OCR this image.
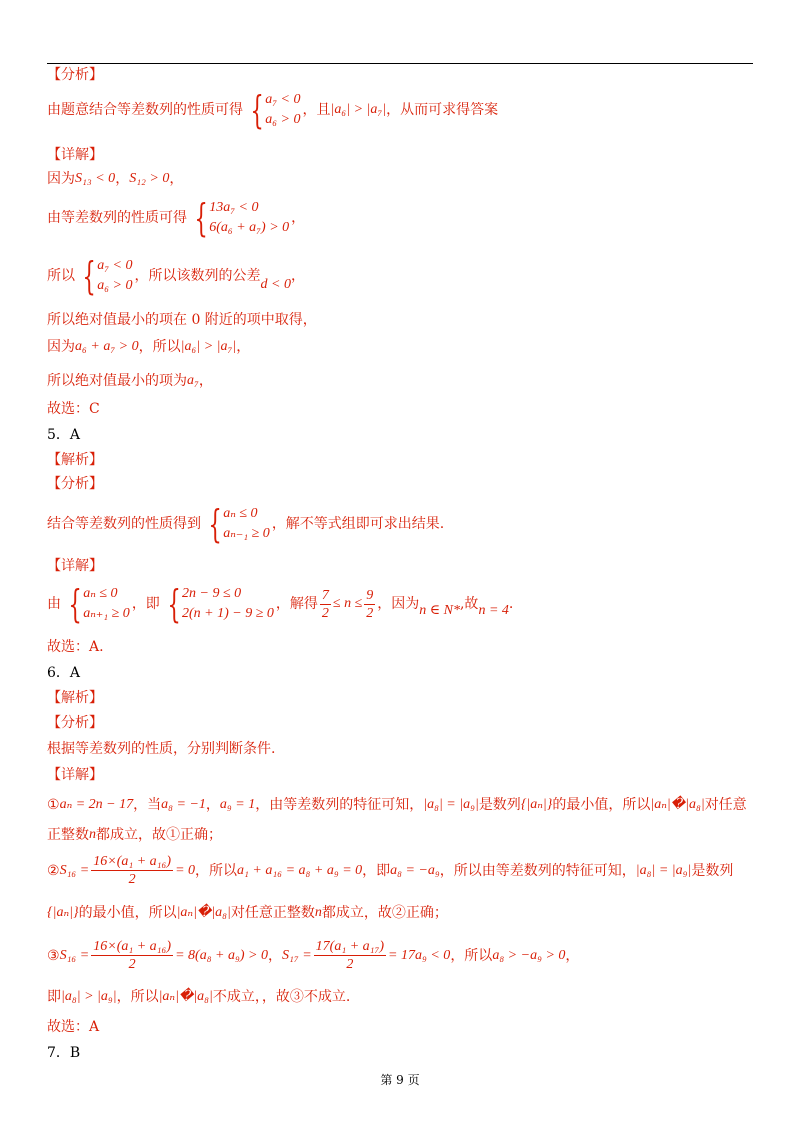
【分析】
由题意结合等差数列的性质可得 { a₇ < 0
a₆ > 0
，且|a₆| > |a₇|，从而可求得答案
【详解】
因为S₁₃ < 0，S₁₂ > 0，
由等差数列的性质可得 { 13a₇ < 0
6(a₆ + a₇) > 0
，
所以 { a₇ < 0
a₆ > 0
，所以该数列的公差d < 0，
所以绝对值最小的项在 0 附近的项中取得，
因为a₆ + a₇ > 0，所以|a₆| > |a₇|，
所以绝对值最小的项为a₇，
故选：C
5．A
【解析】
【分析】
结合等差数列的性质得到 { aₙ ≤ 0
aₙ₋₁ ≥ 0
，解不等式组即可求出结果.
【详解】
由 { aₙ ≤ 0
aₙ₊₁ ≥ 0
，即 { 2n − 9 ≤ 0
2(n + 1) − 9 ≥ 0
，解得 $\frac{7}{2} \le n \le \frac{9}{2}$ ，因为n ∈ N*,故n = 4.
故选：A.
6．A
【解析】
【分析】
根据等差数列的性质，分别判断条件.
【详解】
①aₙ = 2n − 17，当a₈ = −1，a₉ = 1，由等差数列的特征可知，|a₈| = |a₉|是数列{|aₙ|}的最小值，所以|aₙ|�|a₈|对任意
正整数n都成立，故①正确；
②S₁₆ = $\frac{\text{16×(a₁ + a₁₆)}}{2} = 0$，所以a₁ + a₁₆ = a₈ + a₉ = 0，即a₈ = −a₉，所以由等差数列的特征可知，|a₈| = |a₉|是数列
{|aₙ|}的最小值，所以|aₙ|�|a₈|对任意正整数n都成立，故②正确；
③S₁₆ = $\frac{\text{16×(a₁ + a₁₆)}}{2} = 8(a_8 + a_9) > 0$，$S_{17} = \frac{\text{17(a₁ + a₁₇)}}{2} = 17a_9 < 0$，所以a₈ > −a₉ > 0，
即|a₈| > |a₉|，所以|aₙ|�|a₈|不成立，，故③不成立.
故选：A
7．B
第 9 页
